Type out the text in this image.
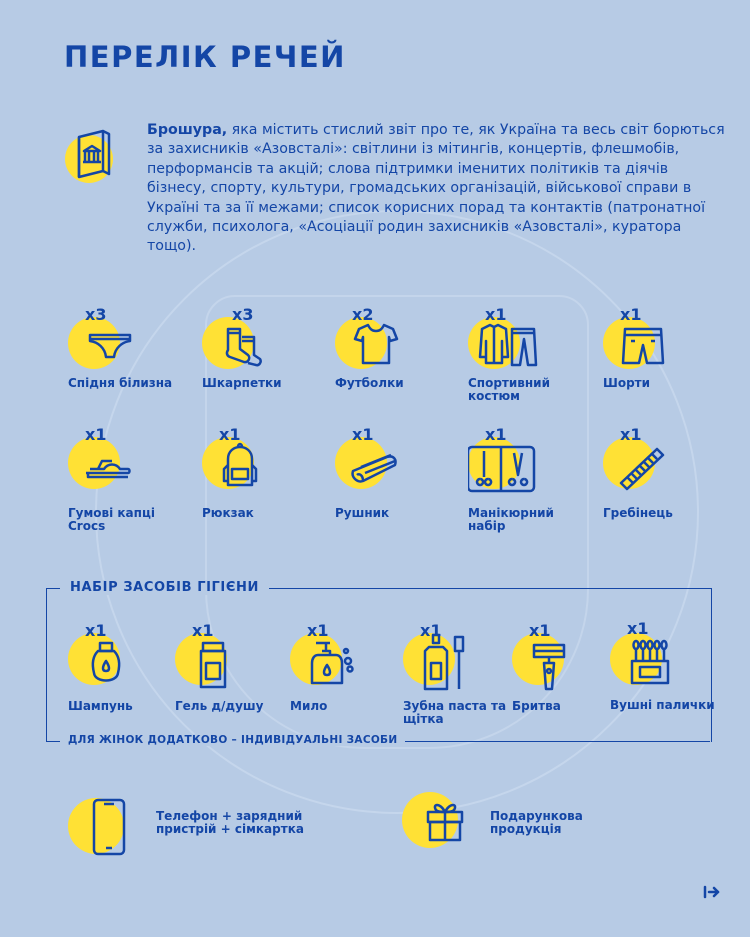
ПЕРЕЛІК РЕЧЕЙ
Брошура, яка містить стислий звіт про те, як Україна та весь світ борються за захисників «Азовсталі»: світлини із мітингів, концертів, флешмобів, перформансів та акцій; слова підтримки іменитих політиків та діячів бізнесу, спорту, культури, громадських організацій, військової справи в Україні та за її межами; список корисних порад та контактів (патронатної служби, психолога, «Асоціації родин захисників «Азовсталі», куратора тощо).
x3
Спідня білизна
x3
Шкарпетки
x2
Футболки
x1
Спортивний костюм
x1
Шорти
x1
Гумові капці Crocs
x1
Рюкзак
x1
Рушник
x1
Манікюрний набір
x1
Гребінець
НАБІР ЗАСОБІВ ГІГІЄНИ
ДЛЯ ЖІНОК ДОДАТКОВО – ІНДИВІДУАЛЬНІ ЗАСОБИ
x1
Шампунь
x1
Гель д/душу
x1
Мило
x1
Зубна паста та щітка
x1
Бритва
x1
Вушні палички
Телефон + зарядний пристрій + сімкартка
Подарункова продукція
